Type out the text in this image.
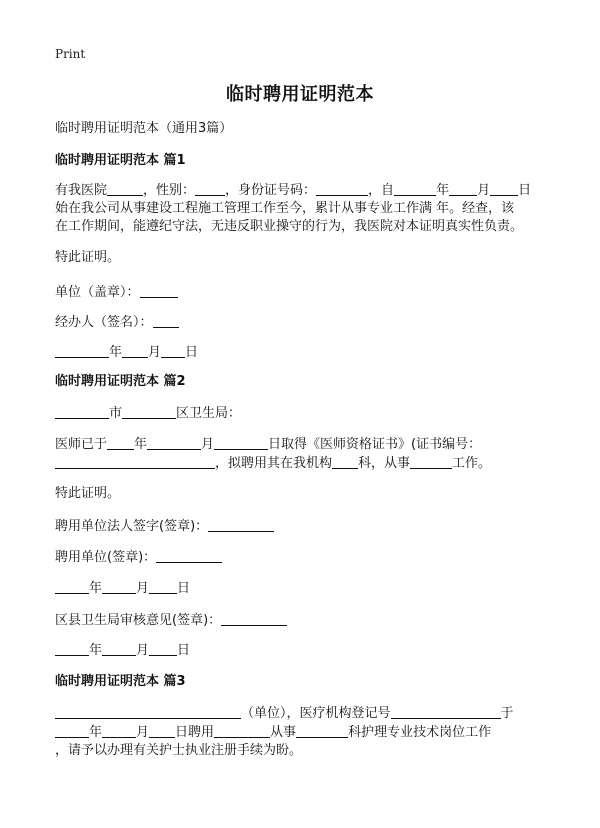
Print
临时聘用证明范本
临时聘用证明范本（通用3篇）
临时聘用证明范本 篇1
有我医院	，性别： ，身份证号码：	，自	年 月 日
始在我公司从事建设工程施工管理工作至今，累计从事专业工作满 年。经查，该
在工作期间，能遵纪守法，无违反职业操守的行为，我医院对本证明真实性负责。
特此证明。
单位（盖章）：
经办人（签名）：
年 月 日
临时聘用证明范本 篇2
市	区卫生局：
医师已于 年	月	日取得《医师资格证书》(证书编号：
，拟聘用其在我机构 科，从事	工作。
特此证明。
聘用单位法人签字(签章)：
聘用单位(签章)：
年	月 日
区县卫生局审核意见(签章)：
年	月 日
临时聘用证明范本 篇3
（单位），医疗机构登记号	于
年	月 日聘用	从事	科护理专业技术岗位工作
，请予以办理有关护士执业注册手续为盼。
